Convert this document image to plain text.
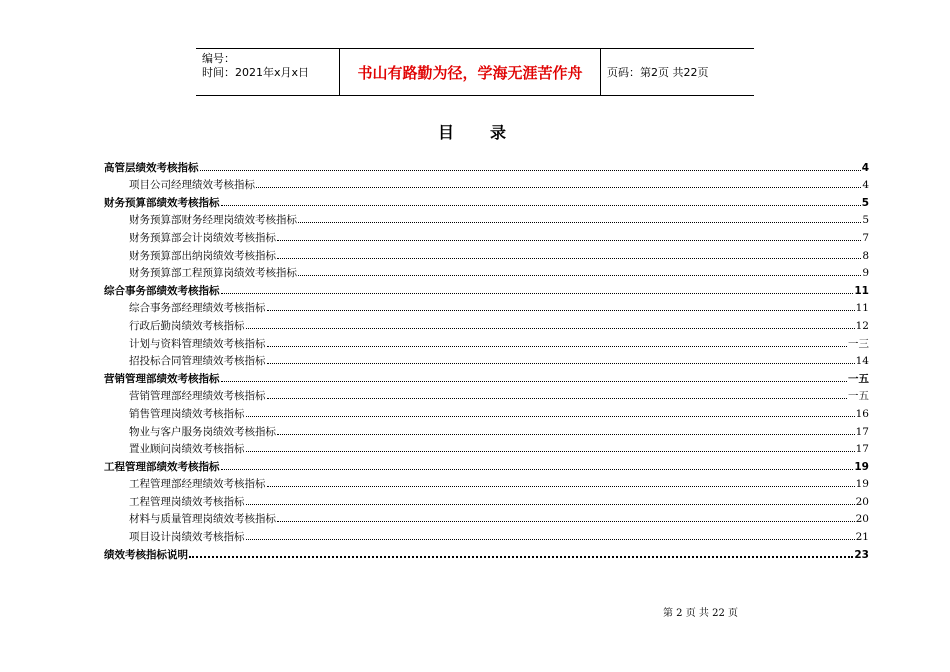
编号：
时间：2021年x月x日	书山有路勤为径，学海无涯苦作舟	页码：第2页 共22页
目 录
高管层绩效考核指标	4
项目公司经理绩效考核指标	4
财务预算部绩效考核指标	5
财务预算部财务经理岗绩效考核指标	5
财务预算部会计岗绩效考核指标	7
财务预算部出纳岗绩效考核指标	8
财务预算部工程预算岗绩效考核指标	9
综合事务部绩效考核指标	11
综合事务部经理绩效考核指标	11
行政后勤岗绩效考核指标	12
计划与资料管理绩效考核指标	一三
招投标合同管理绩效考核指标	14
营销管理部绩效考核指标	一五
营销管理部经理绩效考核指标	一五
销售管理岗绩效考核指标	16
物业与客户服务岗绩效考核指标	17
置业顾问岗绩效考核指标	17
工程管理部绩效考核指标	19
工程管理部经理绩效考核指标	19
工程管理岗绩效考核指标	20
材料与质量管理岗绩效考核指标	20
项目设计岗绩效考核指标	21
绩效考核指标说明	23
第 2 页 共 22 页
